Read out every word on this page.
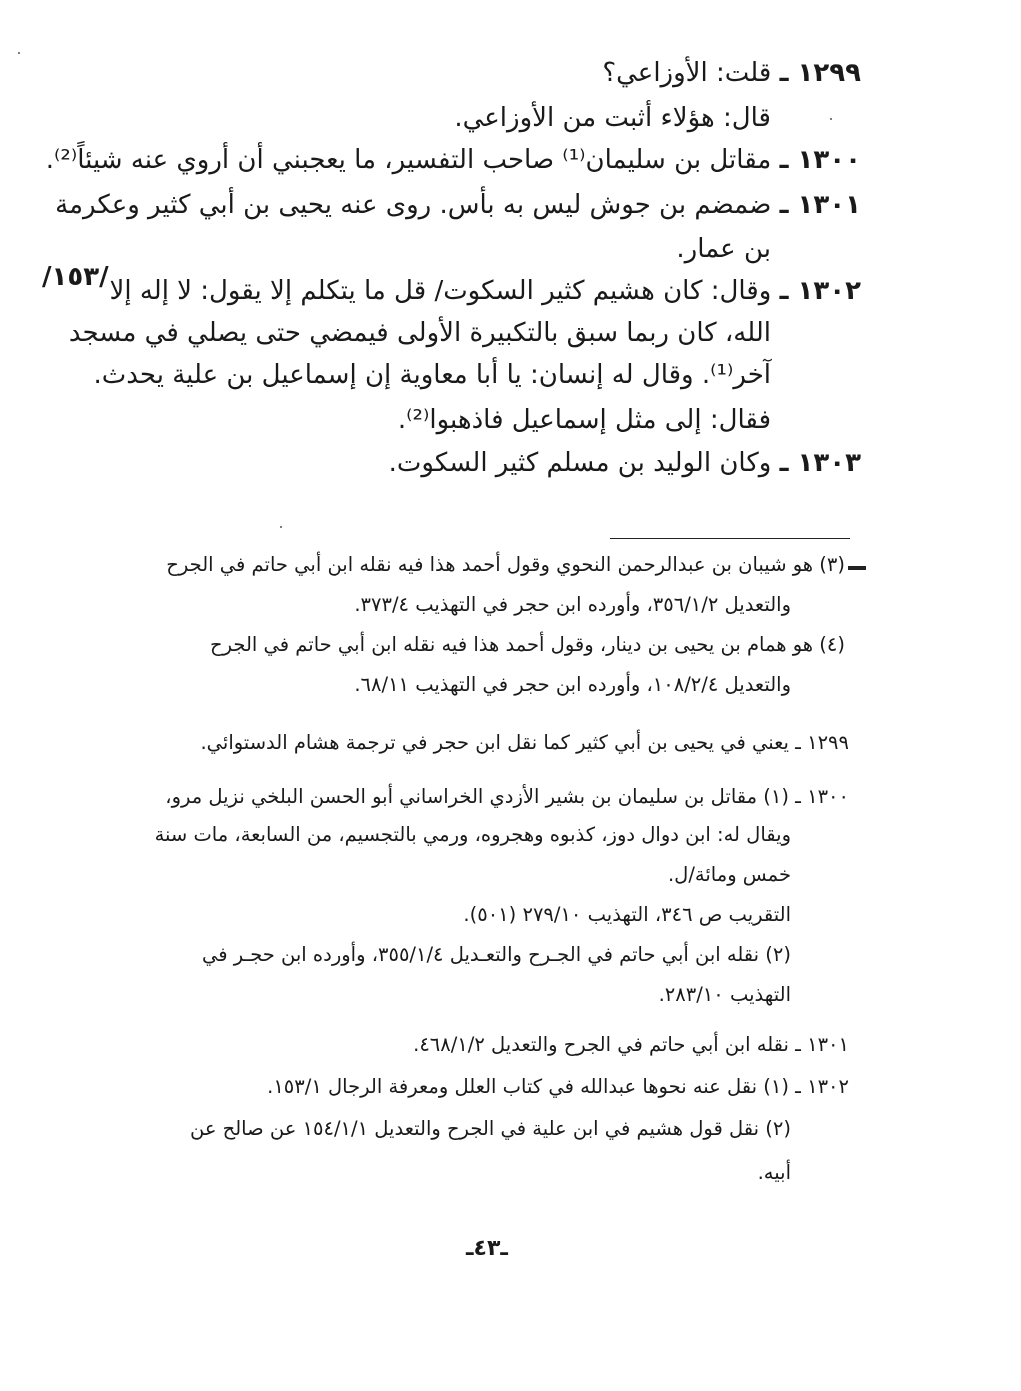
١٢٩٩ ـ قلت: الأوزاعي؟
قال: هؤلاء أثبت من الأوزاعي.
١٣٠٠ ـ مقاتل بن سليمان⁽¹⁾ صاحب التفسير، ما يعجبني أن أروي عنه شيئاً⁽²⁾.
١٣٠١ ـ ضمضم بن جوش ليس به بأس. روى عنه يحيى بن أبي كثير وعكرمة
بن عمار.
/١٥٣/	١٣٠٢ ـ وقال: كان هشيم كثير السكوت/ قل ما يتكلم إلا يقول: لا إله إلا
الله، كان ربما سبق بالتكبيرة الأولى فيمضي حتى يصلي في مسجد
آخر⁽¹⁾. وقال له إنسان: يا أبا معاوية إن إسماعيل بن علية يحدث.
فقال: إلى مثل إسماعيل فاذهبوا⁽²⁾.
١٣٠٣ ـ وكان الوليد بن مسلم كثير السكوت.
(٣) هو شيبان بن عبدالرحمن النحوي وقول أحمد هذا فيه نقله ابن أبي حاتم في الجرح
والتعديل ٣٥٦/١/٢، وأورده ابن حجر في التهذيب ٣٧٣/٤.
(٤) هو همام بن يحيى بن دينار، وقول أحمد هذا فيه نقله ابن أبي حاتم في الجرح
والتعديل ١٠٨/٢/٤، وأورده ابن حجر في التهذيب ٦٨/١١.
١٢٩٩ ـ يعني في يحيى بن أبي كثير كما نقل ابن حجر في ترجمة هشام الدستوائي.
١٣٠٠ ـ (١) مقاتل بن سليمان بن بشير الأزدي الخراساني أبو الحسن البلخي نزيل مرو،
ويقال له: ابن دوال دوز، كذبوه وهجروه، ورمي بالتجسيم، من السابعة، مات سنة
خمس ومائة/ل.
التقريب ص ٣٤٦، التهذيب ٢٧٩/١٠ (٥٠١).
(٢) نقله ابن أبي حاتم في الجـرح والتعـديل ٣٥٥/١/٤، وأورده ابن حجـر في
التهذيب ٢٨٣/١٠.
١٣٠١ ـ نقله ابن أبي حاتم في الجرح والتعديل ٤٦٨/١/٢.
١٣٠٢ ـ (١) نقل عنه نحوها عبدالله في كتاب العلل ومعرفة الرجال ١٥٣/١.
(٢) نقل قول هشيم في ابن علية في الجرح والتعديل ١٥٤/١/١ عن صالح عن
أبيه.
ـ٤٣ـ
